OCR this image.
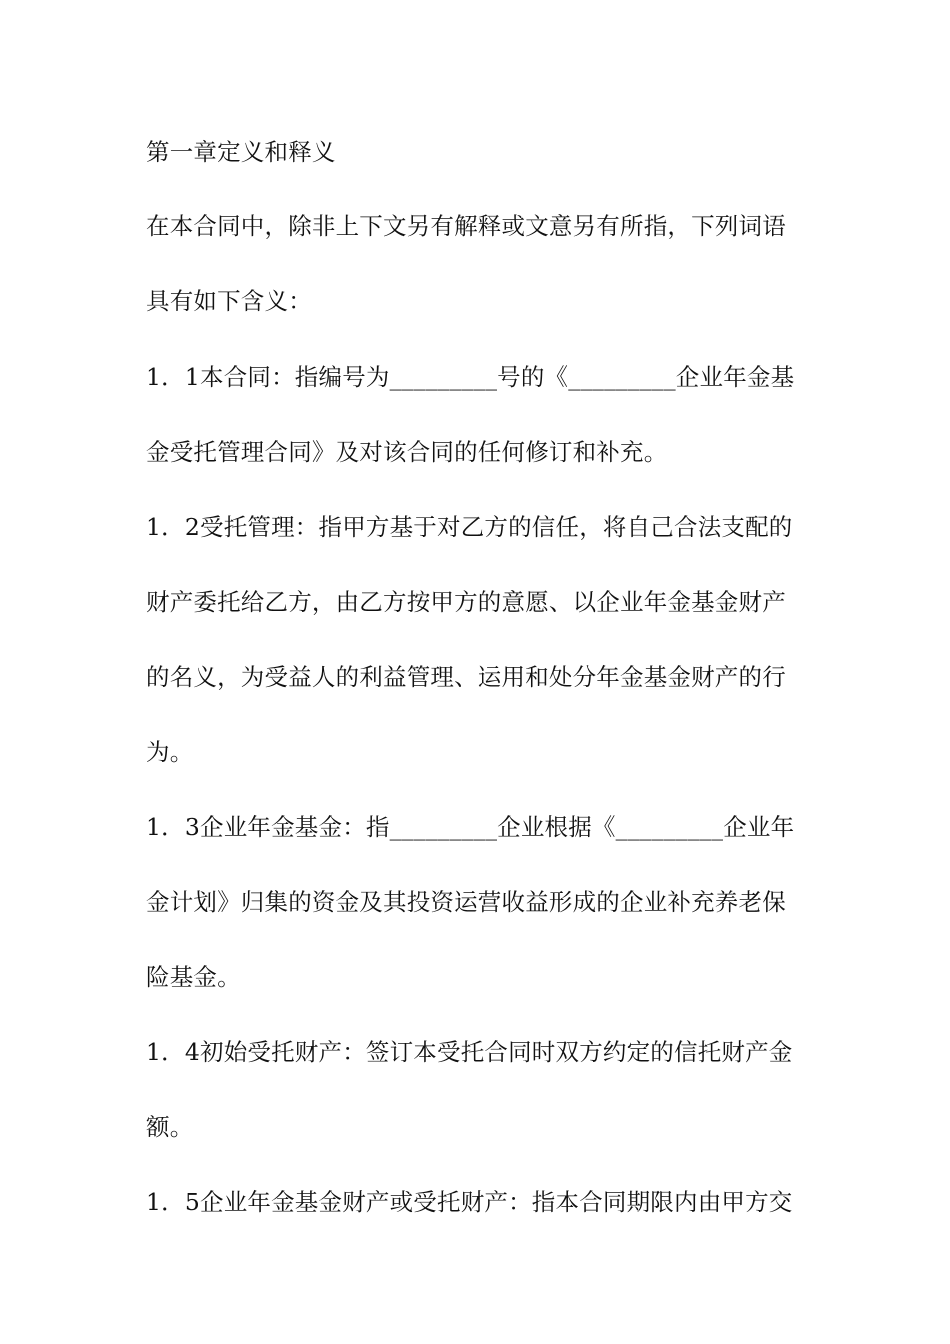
第一章定义和释义
在本合同中，除非上下文另有解释或文意另有所指，下列词语
具有如下含义：
1．1本合同：指编号为_________号的《_________企业年金基
金受托管理合同》及对该合同的任何修订和补充。
1．2受托管理：指甲方基于对乙方的信任，将自己合法支配的
财产委托给乙方，由乙方按甲方的意愿、以企业年金基金财产
的名义，为受益人的利益管理、运用和处分年金基金财产的行
为。
1．3企业年金基金：指_________企业根据《_________企业年
金计划》归集的资金及其投资运营收益形成的企业补充养老保
险基金。
1．4初始受托财产：签订本受托合同时双方约定的信托财产金
额。
1．5企业年金基金财产或受托财产：指本合同期限内由甲方交
